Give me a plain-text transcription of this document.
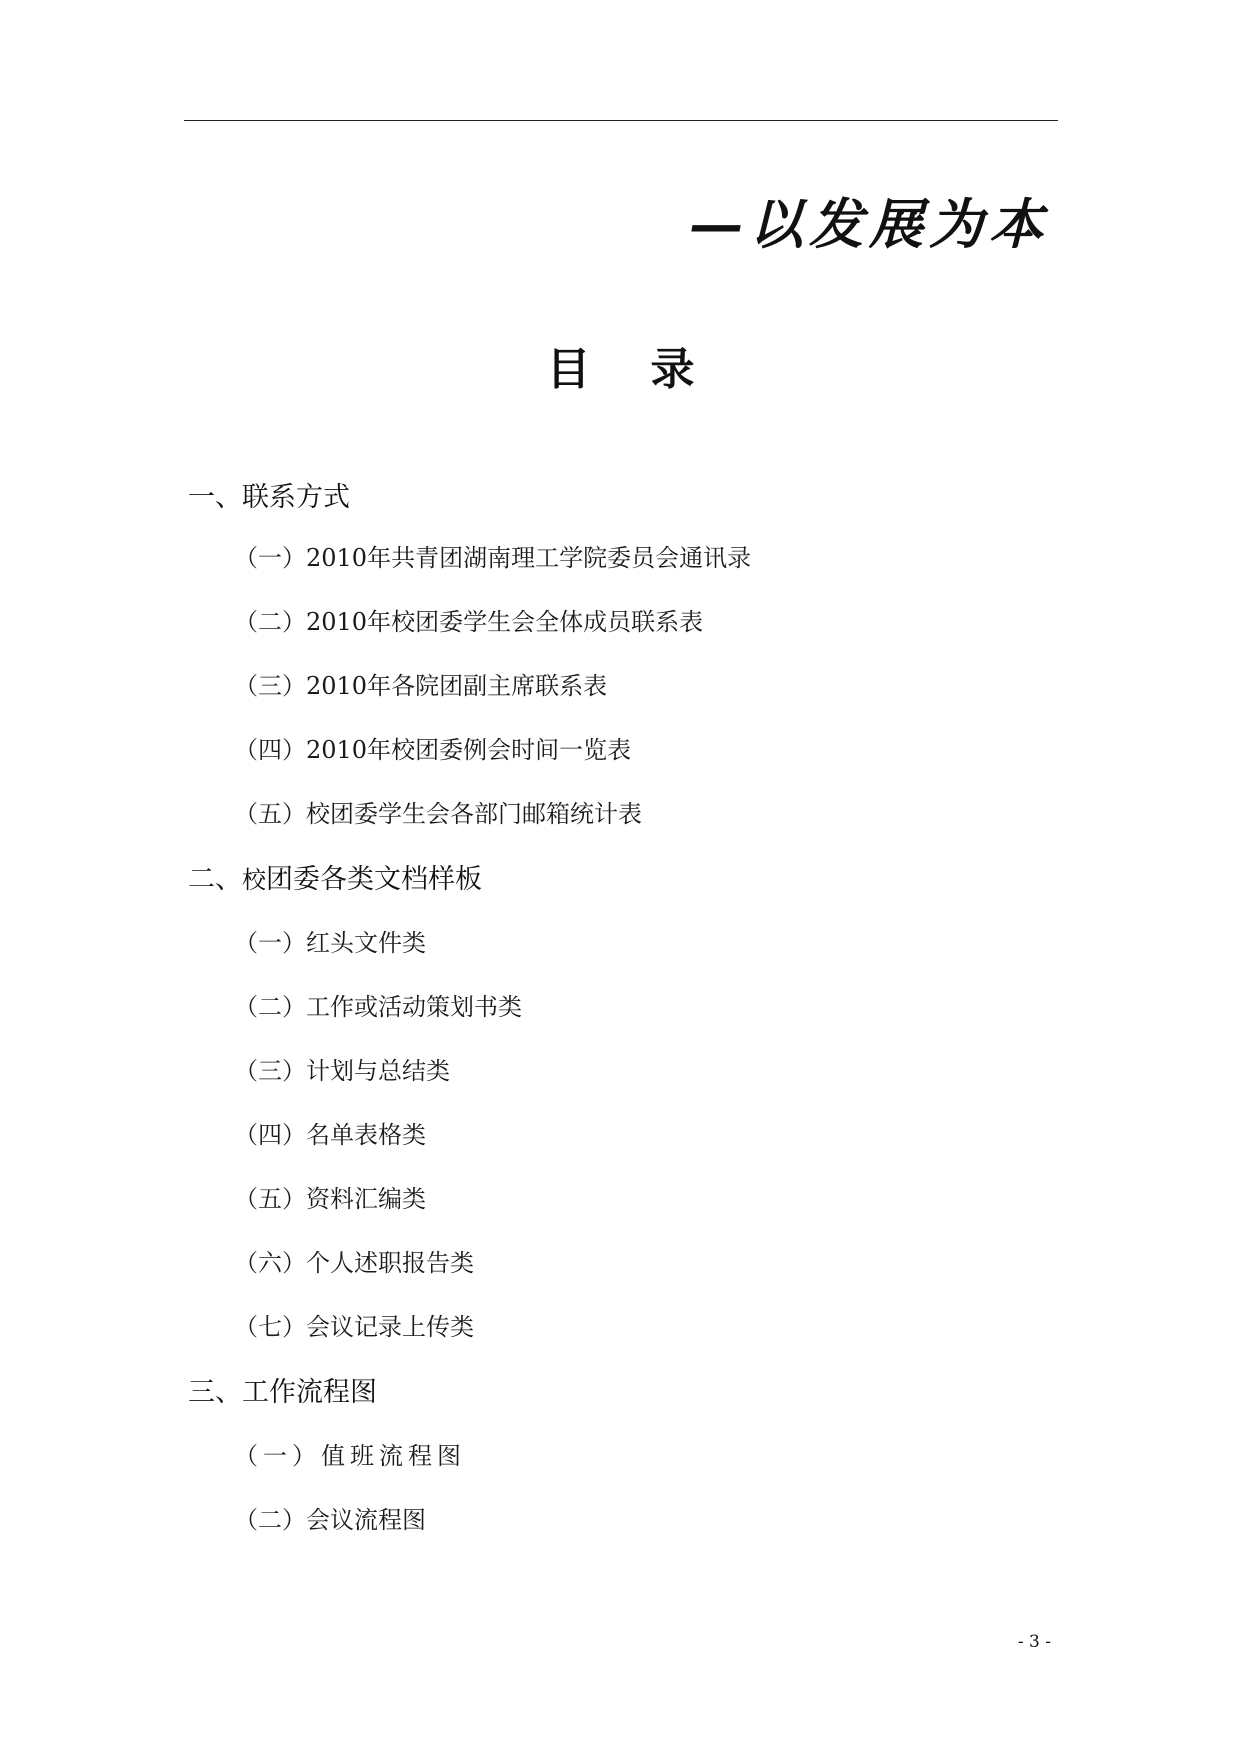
—以发展为本
目录
一、联系方式
（一）2010年共青团湖南理工学院委员会通讯录
（二）2010年校团委学生会全体成员联系表
（三）2010年各院团副主席联系表
（四）2010年校团委例会时间一览表
（五）校团委学生会各部门邮箱统计表
二、校团委各类文档样板
（一）红头文件类
（二）工作或活动策划书类
（三）计划与总结类
（四）名单表格类
（五）资料汇编类
（六）个人述职报告类
（七）会议记录上传类
三、工作流程图
（一）值班流程图
（二）会议流程图
- 3 -
